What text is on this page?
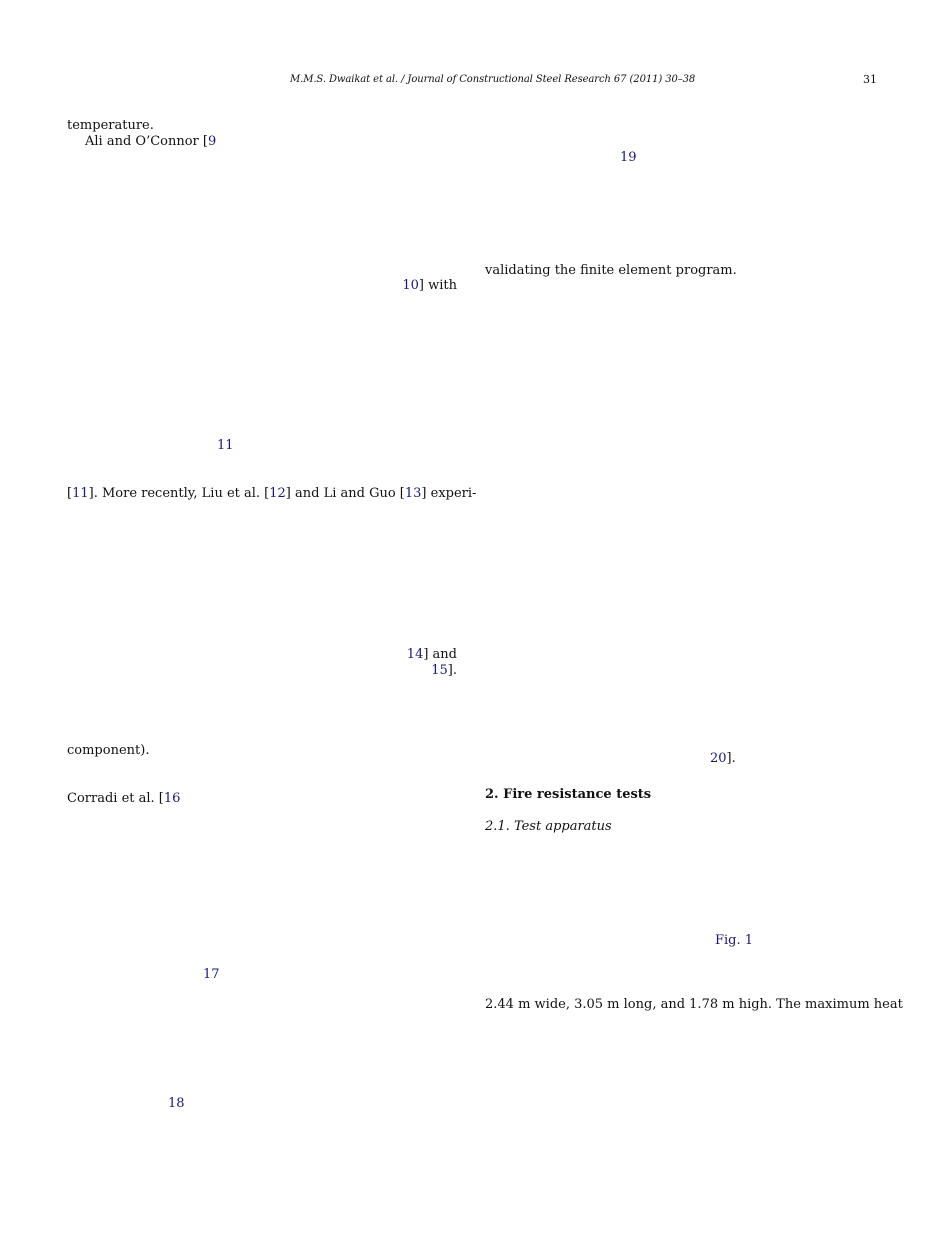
M.M.S. Dwaikat et al. / Journal of Constructional Steel Research 67 (2011) 30–38	31
temperature.
Ali and O’Connor [9
10] with
11
[11]. More recently, Liu et al. [12] and Li and Guo [13] experi-
14] and
15].
component).
Corradi et al. [16
17
18
19
validating the finite element program.
20].
2. Fire resistance tests
2.1. Test apparatus
Fig. 1
2.44 m wide, 3.05 m long, and 1.78 m high. The maximum heat
